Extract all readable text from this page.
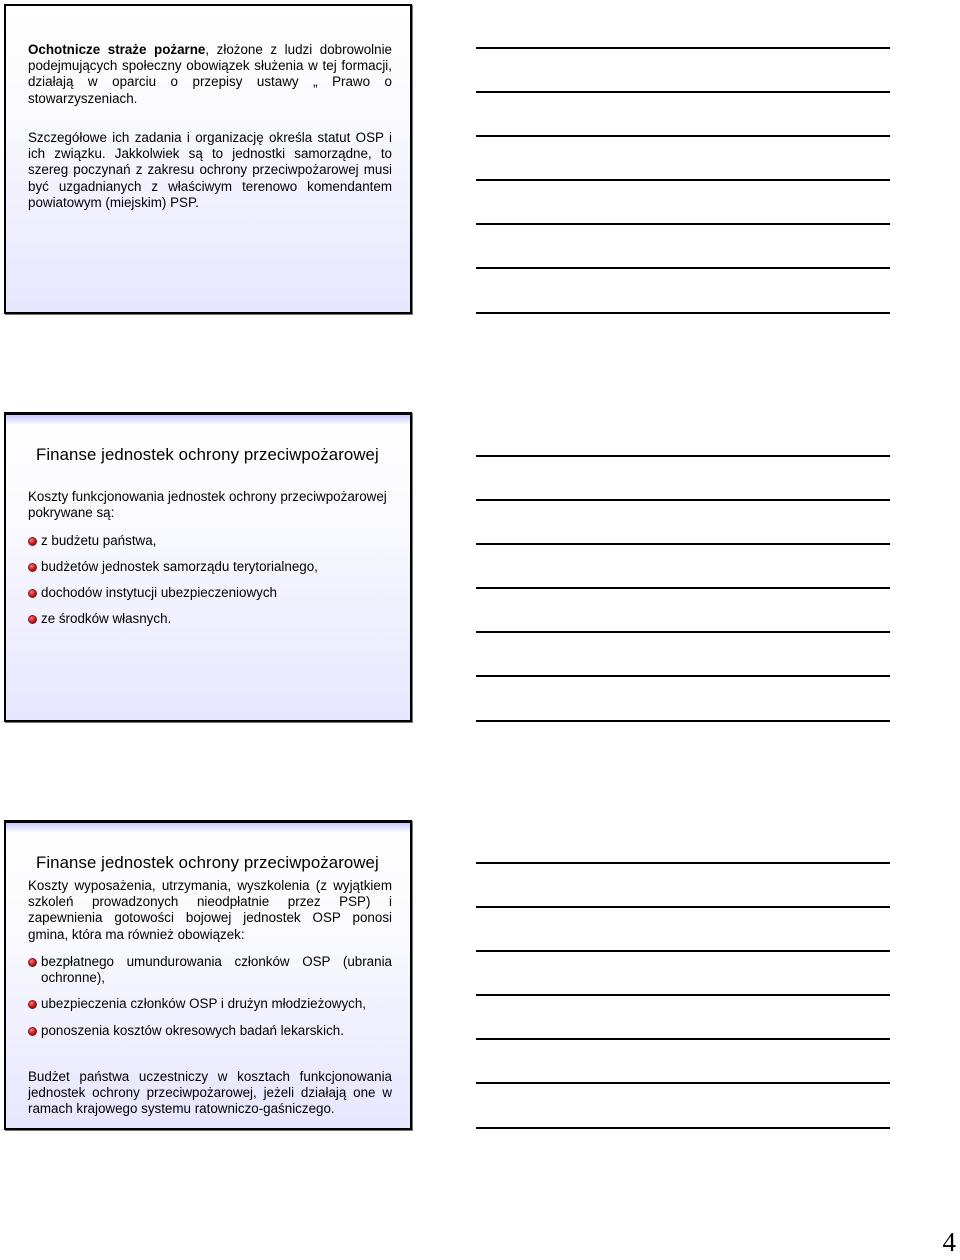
Ochotnicze straże pożarne, złożone z ludzi dobrowolnie podejmujących społeczny obowiązek służenia w tej formacji, działają w oparciu o przepisy ustawy „ Prawo o stowarzyszeniach.
Szczegółowe ich zadania i organizację określa statut OSP i ich związku. Jakkolwiek są to jednostki samorządne, to szereg poczynań z zakresu ochrony przeciwpożarowej musi być uzgadnianych z właściwym terenowo komendantem powiatowym (miejskim) PSP.
Finanse jednostek ochrony przeciwpożarowej
Koszty funkcjonowania jednostek ochrony przeciwpożarowej pokrywane są:
z budżetu państwa,
budżetów jednostek samorządu terytorialnego,
dochodów instytucji ubezpieczeniowych
ze środków własnych.
Finanse jednostek ochrony przeciwpożarowej
Koszty wyposażenia, utrzymania, wyszkolenia (z wyjątkiem szkoleń prowadzonych nieodpłatnie przez PSP) i zapewnienia gotowości bojowej jednostek OSP ponosi gmina, która ma również obowiązek:
bezpłatnego umundurowania członków OSP (ubrania ochronne),
ubezpieczenia członków OSP i drużyn młodzieżowych,
ponoszenia kosztów okresowych badań lekarskich.
Budżet państwa uczestniczy w kosztach funkcjonowania jednostek ochrony przeciwpożarowej, jeżeli działają one w ramach krajowego systemu ratowniczo-gaśniczego.
4
